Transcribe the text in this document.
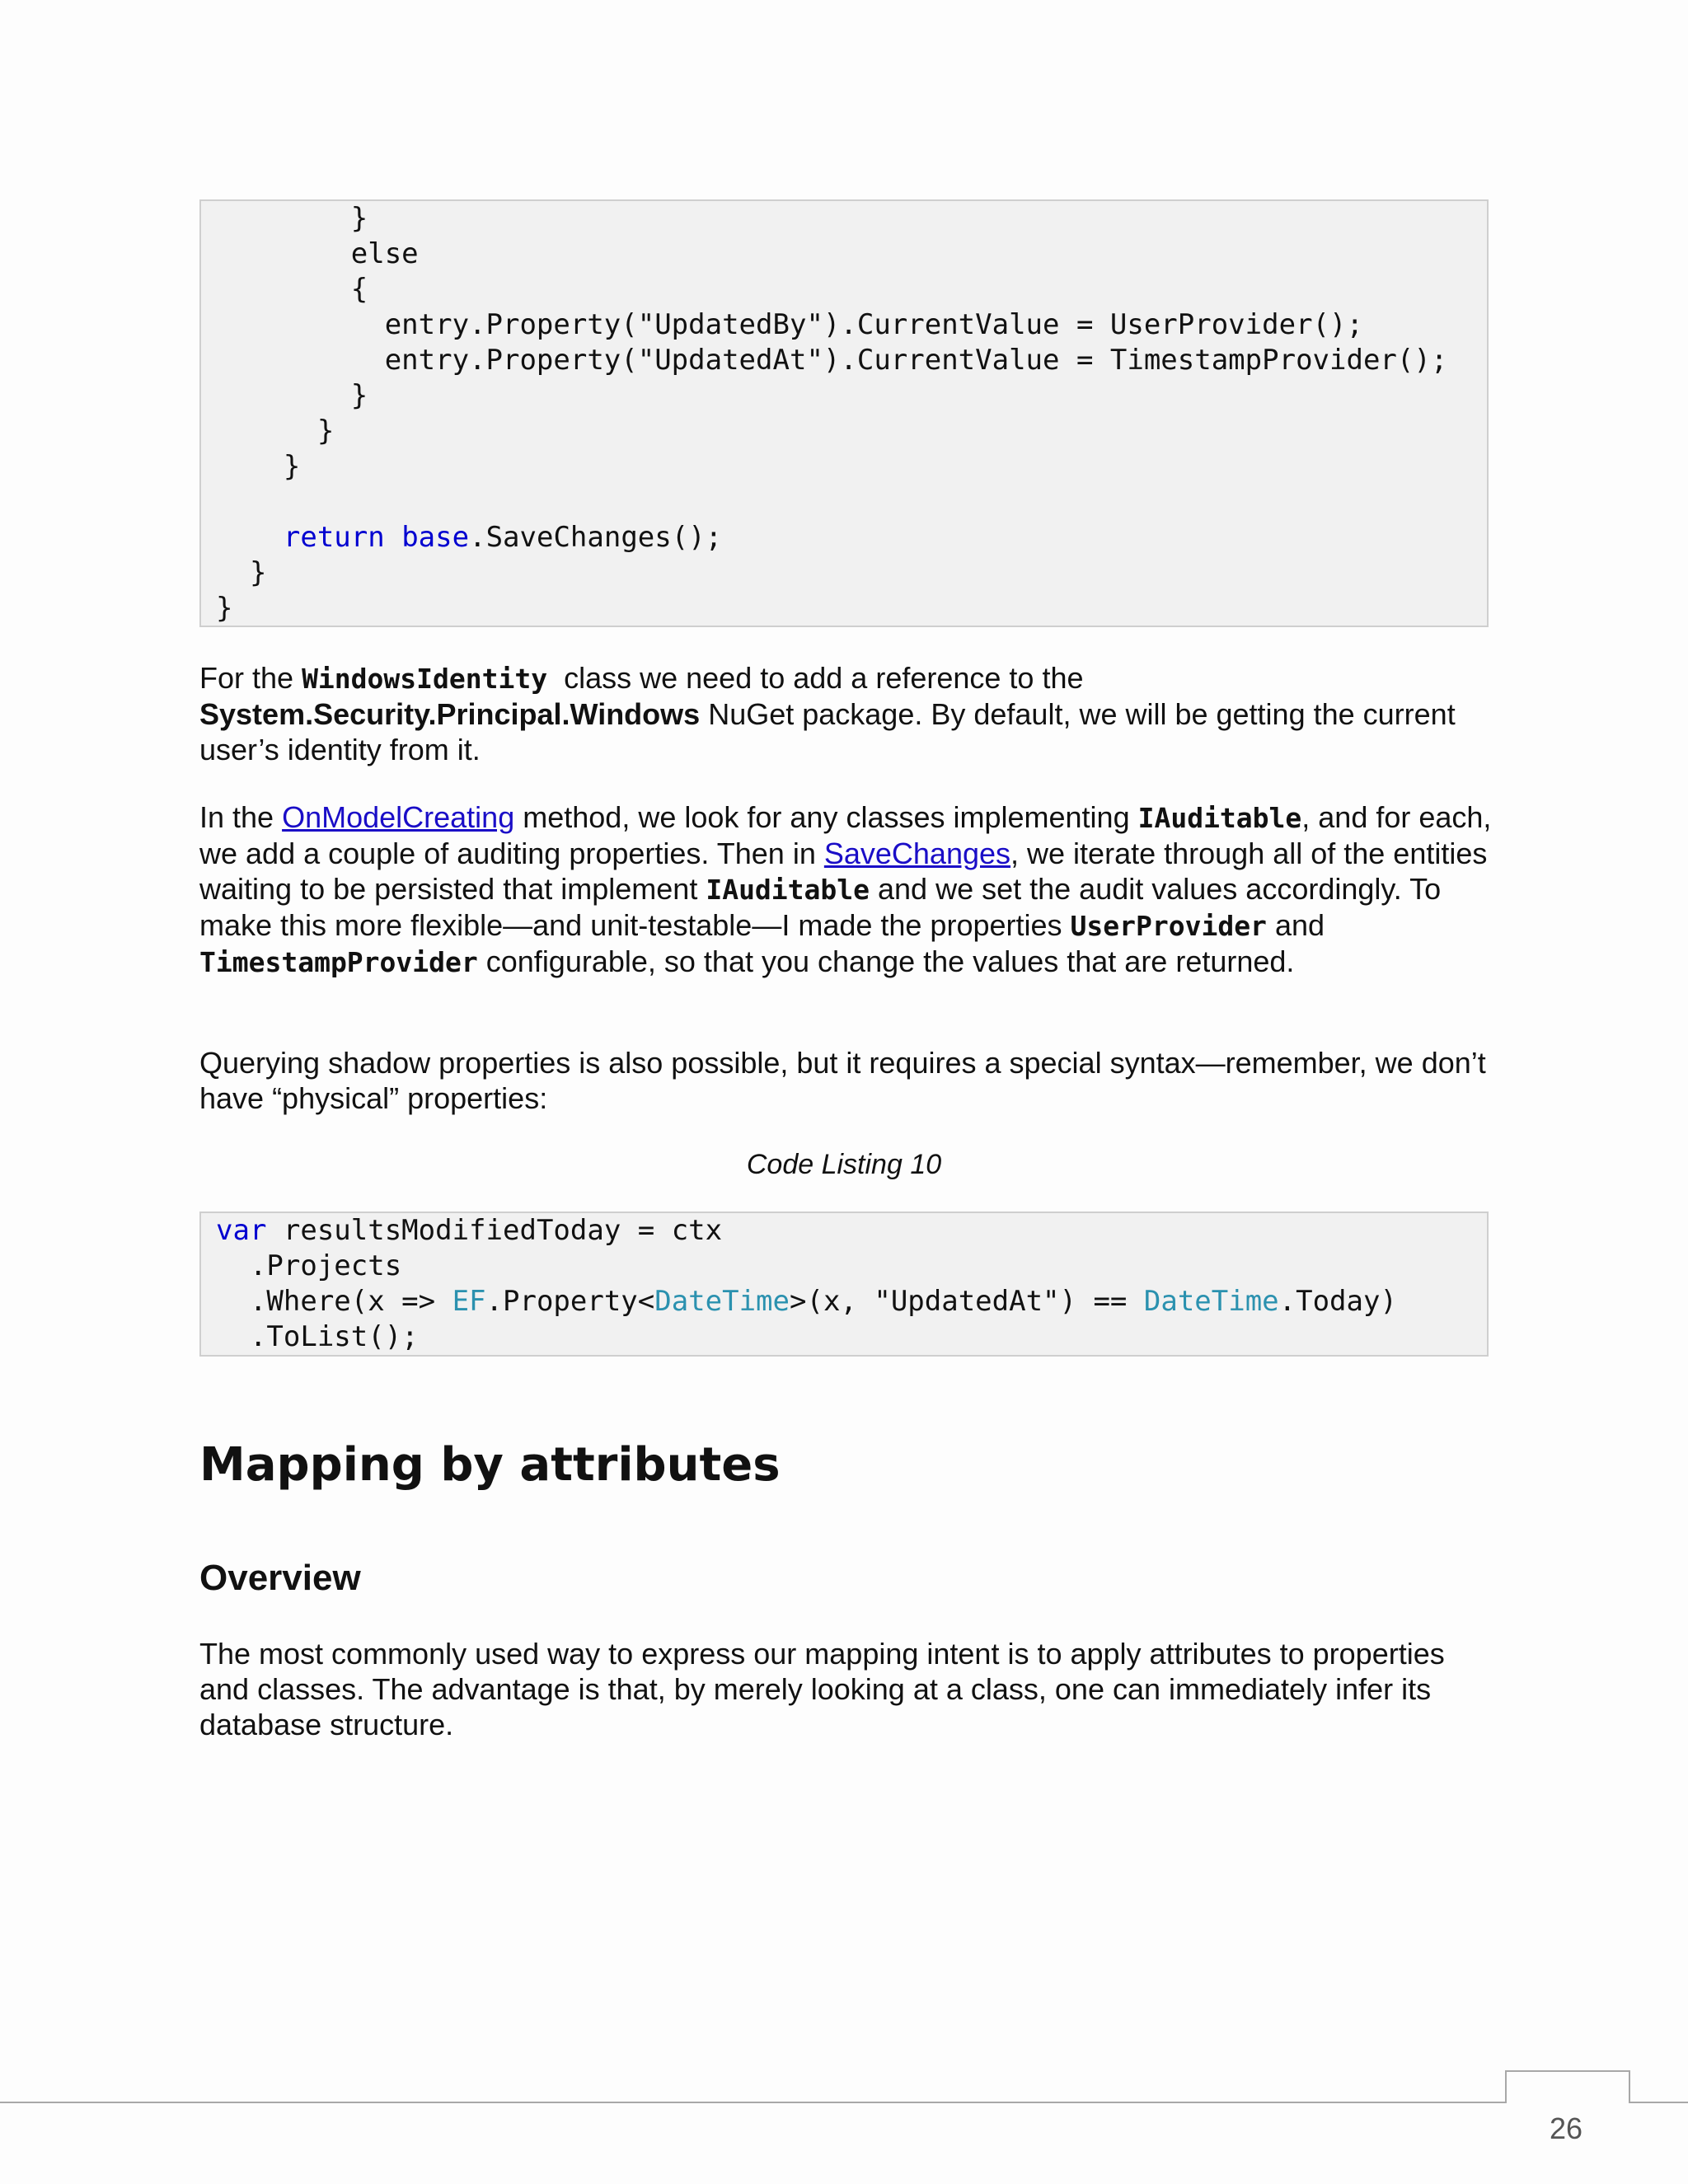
}
else
{
entry.Property("UpdatedBy").CurrentValue = UserProvider();
entry.Property("UpdatedAt").CurrentValue = TimestampProvider();
}
}
}
return base.SaveChanges();
}
}

For the WindowsIdentity  class we need to add a reference to the
System.Security.Principal.Windows NuGet package. By default, we will be getting the current user’s identity from it.

In the OnModelCreating method, we look for any classes implementing IAuditable, and for each, we add a couple of auditing properties. Then in SaveChanges, we iterate through all of the entities waiting to be persisted that implement IAuditable and we set the audit values accordingly. To make this more flexible—and unit-testable—I made the properties UserProvider and TimestampProvider configurable, so that you change the values that are returned.

Querying shadow properties is also possible, but it requires a special syntax—remember, we don’t have “physical” properties:

Code Listing 10
var resultsModifiedToday = ctx
.Projects
.Where(x => EF.Property<DateTime>(x, "UpdatedAt") == DateTime.Today)
.ToList();
Mapping by attributes
Overview

The most commonly used way to express our mapping intent is to apply attributes to properties and classes. The advantage is that, by merely looking at a class, one can immediately infer its database structure.

26
